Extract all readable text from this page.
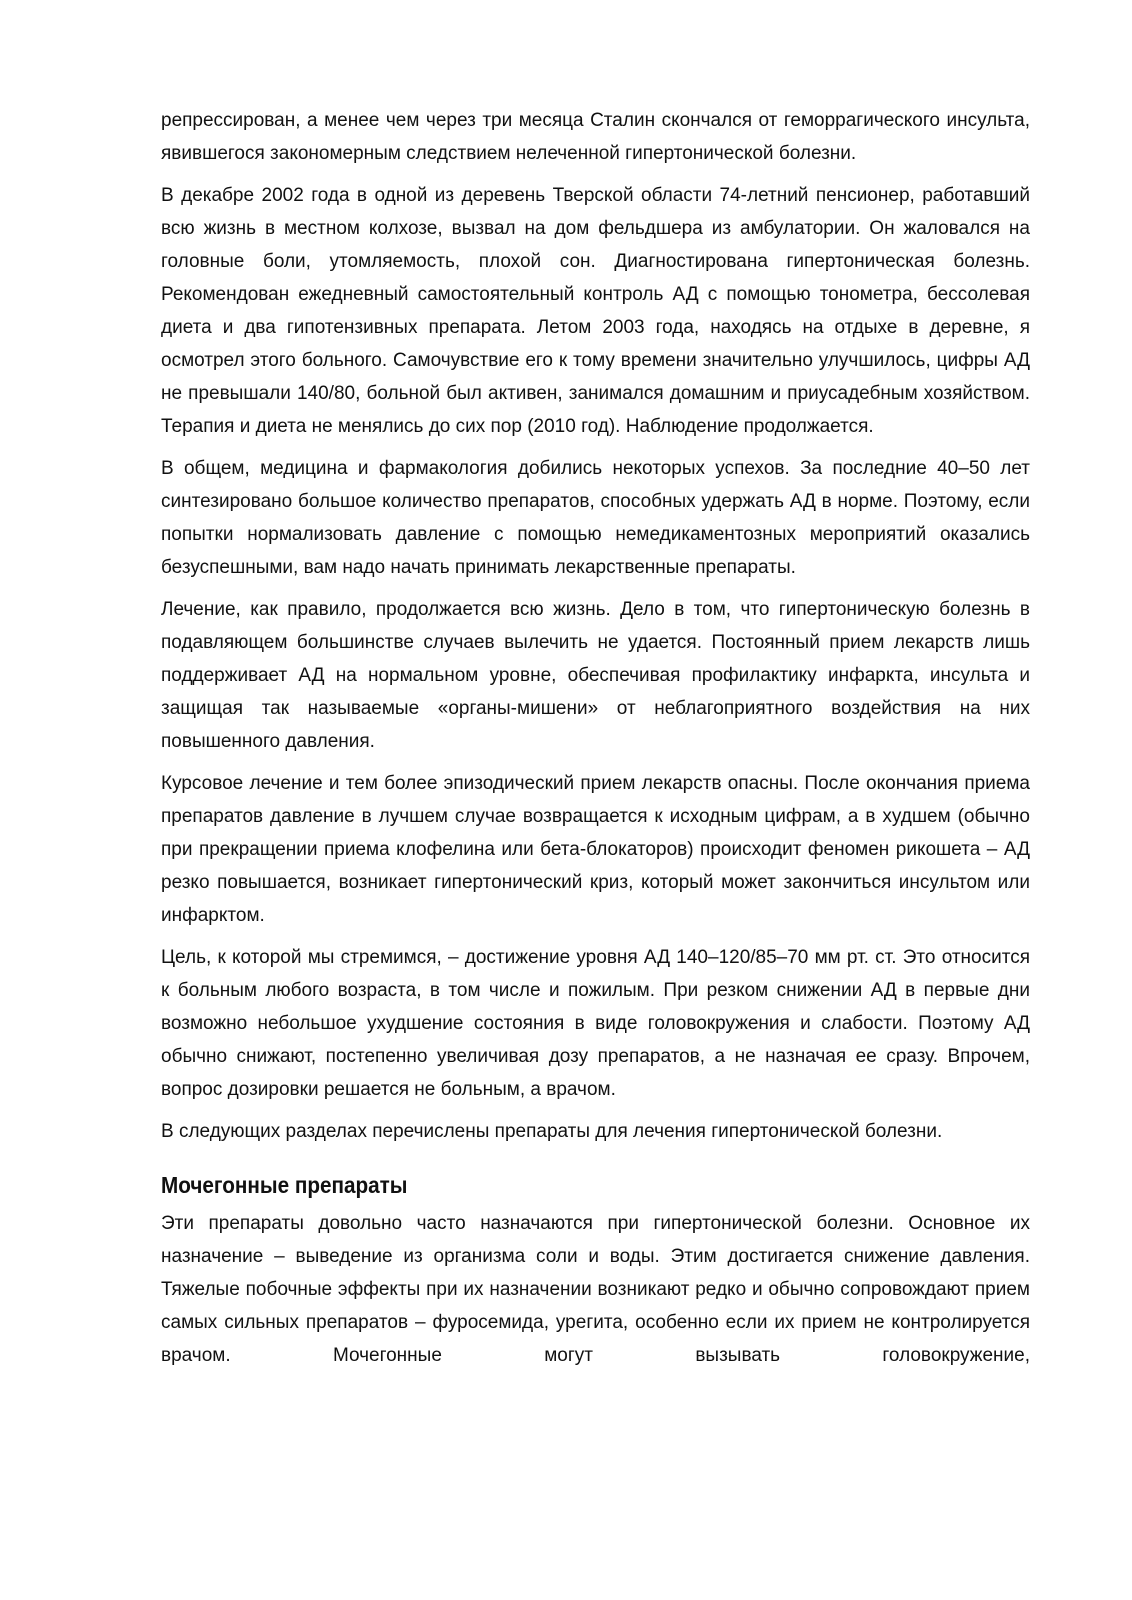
репрессирован, а менее чем через три месяца Сталин скончался от геморрагического инсульта, явившегося закономерным следствием нелеченной гипертонической болезни.

В декабре 2002 года в одной из деревень Тверской области 74-летний пенсионер, работавший всю жизнь в местном колхозе, вызвал на дом фельдшера из амбулатории. Он жаловался на головные боли, утомляемость, плохой сон. Диагностирована гипертоническая болезнь. Рекомендован ежедневный самостоятельный контроль АД с помощью тонометра, бессолевая диета и два гипотензивных препарата. Летом 2003 года, находясь на отдыхе в деревне, я осмотрел этого больного. Самочувствие его к тому времени значительно улучшилось, цифры АД не превышали 140/80, больной был активен, занимался домашним и приусадебным хозяйством. Терапия и диета не менялись до сих пор (2010 год). Наблюдение продолжается.

В общем, медицина и фармакология добились некоторых успехов. За последние 40–50 лет синтезировано большое количество препаратов, способных удержать АД в норме. Поэтому, если попытки нормализовать давление с помощью немедикаментозных мероприятий оказались безуспешными, вам надо начать принимать лекарственные препараты.

Лечение, как правило, продолжается всю жизнь. Дело в том, что гипертоническую болезнь в подавляющем большинстве случаев вылечить не удается. Постоянный прием лекарств лишь поддерживает АД на нормальном уровне, обеспечивая профилактику инфаркта, инсульта и защищая так называемые «органы-мишени» от неблагоприятного воздействия на них повышенного давления.

Курсовое лечение и тем более эпизодический прием лекарств опасны. После окончания приема препаратов давление в лучшем случае возвращается к исходным цифрам, а в худшем (обычно при прекращении приема клофелина или бета-блокаторов) происходит феномен рикошета – АД резко повышается, возникает гипертонический криз, который может закончиться инсультом или инфарктом.

Цель, к которой мы стремимся, – достижение уровня АД 140–120/85–70 мм рт. ст. Это относится к больным любого возраста, в том числе и пожилым. При резком снижении АД в первые дни возможно небольшое ухудшение состояния в виде головокружения и слабости. Поэтому АД обычно снижают, постепенно увеличивая дозу препаратов, а не назначая ее сразу. Впрочем, вопрос дозировки решается не больным, а врачом.

В следующих разделах перечислены препараты для лечения гипертонической болезни.

Мочегонные препараты

Эти препараты довольно часто назначаются при гипертонической болезни. Основное их назначение – выведение из организма соли и воды. Этим достигается снижение давления. Тяжелые побочные эффекты при их назначении возникают редко и обычно сопровождают прием самых сильных препаратов – фуросемида, урегита, особенно если их прием не контролируется врачом. Мочегонные могут вызывать головокружение,
